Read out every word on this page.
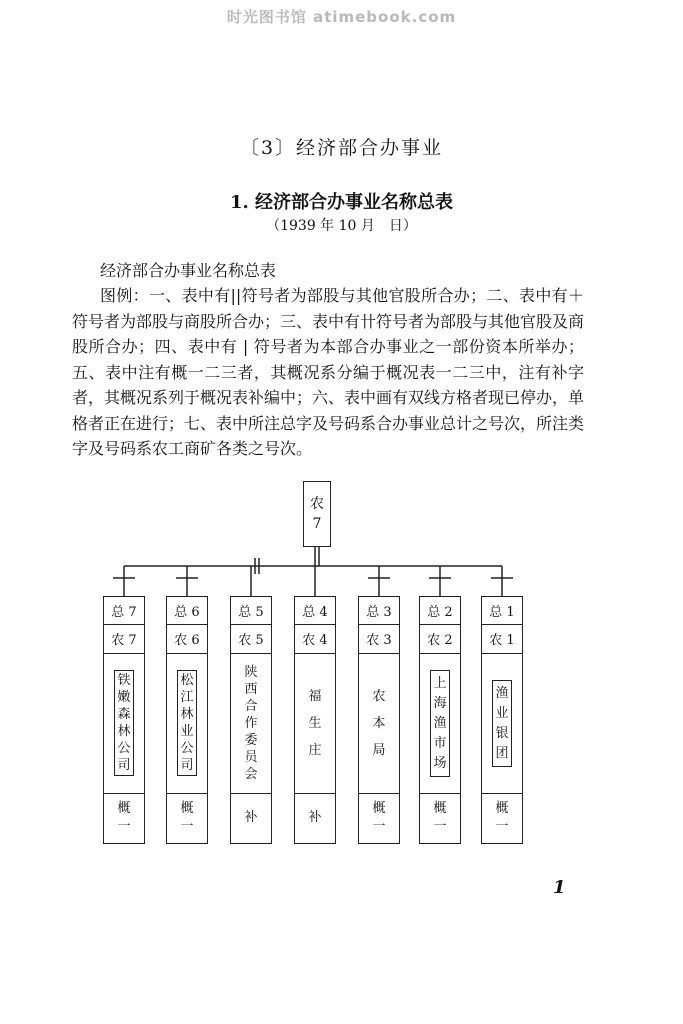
时光图书馆 atimebook.com
〔3〕经济部合办事业
1. 经济部合办事业名称总表
（1939 年 10 月　日）
经济部合办事业名称总表

图例：一、表中有||符号者为部股与其他官股所合办；二、表中有＋符号者为部股与商股所合办；三、表中有卄符号者为部股与其他官股及商股所合办；四、表中有 | 符号者为本部合办事业之一部份资本所举办；五、表中注有概一二三者，其概况系分编于概况表一二三中，注有补字者，其概况系列于概况表补编中；六、表中画有双线方格者现已停办，单格者正在进行；七、表中所注总字及号码系合办事业总计之号次，所注类字及号码系农工商矿各类之号次。

农
7
总 7
农 7
铁
嫩
森
林
公
司
概
一
总 6
农 6
松
江
林
业
公
司
概
一
总 5
农 5
陕
西
合
作
委
员
会
补
总 4
农 4
福
生
庄
补
总 3
农 3
农
本
局
概
一
总 2
农 2
上
海
渔
市
场
概
一
总 1
农 1
渔
业
银
团
概
一
1
